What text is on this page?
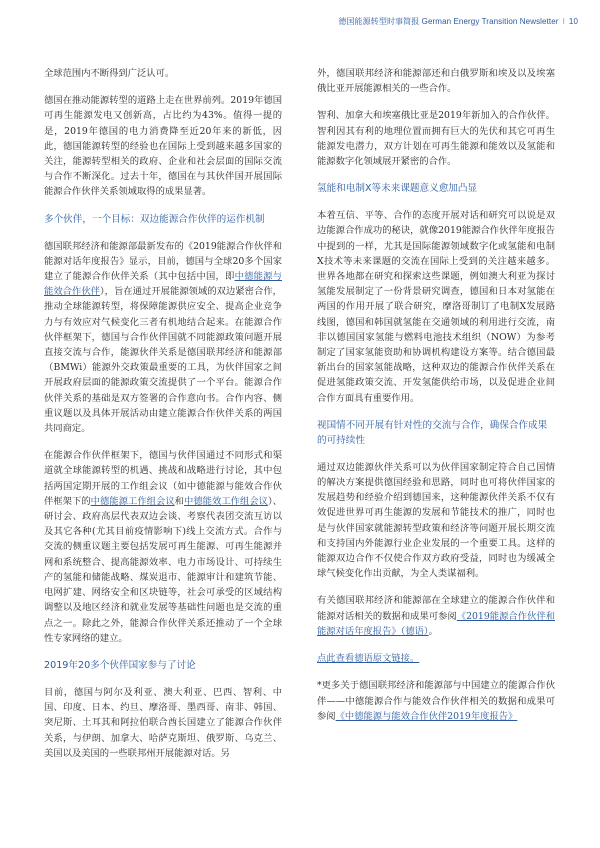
德国能源转型时事简报 German Energy Transition Newsletter I 10

全球范围内不断得到广泛认可。

德国在推动能源转型的道路上走在世界前列。2019年德国可再生能源发电又创新高，占比约为43%。值得一提的是，2019年德国的电力消费降至近20年来的新低，因此，德国能源转型的经验也在国际上受到越来越多国家的关注，能源转型相关的政府、企业和社会层面的国际交流与合作不断深化。过去十年，德国在与其伙伴国开展国际能源合作伙伴关系领域取得的成果显著。

多个伙伴，一个目标：双边能源合作伙伴的运作机制

德国联邦经济和能源部最新发布的《2019能源合作伙伴和能源对话年度报告》显示，目前，德国与全球20多个国家建立了能源合作伙伴关系（其中包括中国，即中德能源与能效合作伙伴），旨在通过开展能源领域的双边紧密合作，推动全球能源转型，将保障能源供应安全、提高企业竞争力与有效应对气候变化三者有机地结合起来。在能源合作伙伴框架下，德国与合作伙伴国就不同能源政策问题开展直接交流与合作，能源伙伴关系是德国联邦经济和能源部（BMWi）能源外交政策最重要的工具，为伙伴国家之间开展政府层面的能源政策交流提供了一个平台。能源合作伙伴关系的基础是双方签署的合作意向书。合作内容、侧重议题以及具体开展活动由建立能源合作伙伴关系的两国共同商定。

在能源合作伙伴框架下，德国与伙伴国通过不同形式和渠道就全球能源转型的机遇、挑战和战略进行讨论，其中包括两国定期开展的工作组会议（如中德能源与能效合作伙伴框架下的中德能源工作组会议和中德能效工作组会议）、研讨会、政府高层代表双边会谈、考察代表团交流互访以及其它各种(尤其目前疫情影响下)线上交流方式。合作与交流的侧重议题主要包括发展可再生能源、可再生能源并网和系统整合、提高能源效率、电力市场设计、可持续生产的氢能和储能战略、煤炭退市、能源审计和建筑节能、电网扩建、网络安全和区块链等，社会可承受的区域结构调整以及地区经济和就业发展等基础性问题也是交流的重点之一。除此之外，能源合作伙伴关系还推动了一个全球性专家网络的建立。

2019年20多个伙伴国家参与了讨论

目前，德国与阿尔及利亚、澳大利亚、巴西、智利、中国、印度、日本、约旦、摩洛哥、墨西哥、南非、韩国、突尼斯、土耳其和阿拉伯联合酋长国建立了能源合作伙伴关系，与伊朗、加拿大、哈萨克斯坦、俄罗斯、乌克兰、美国以及美国的一些联邦州开展能源对话。另

外，德国联邦经济和能源部还和白俄罗斯和埃及以及埃塞俄比亚开展能源相关的一些合作。

智利、加拿大和埃塞俄比亚是2019年新加入的合作伙伴。智利因其有利的地理位置而拥有巨大的先伏和其它可再生能源发电潜力，双方计划在可再生能源和能效以及氢能和能源数字化领域展开紧密的合作。

氢能和电制X等未来课题意义愈加凸显

本着互信、平等、合作的态度开展对话和研究可以说是双边能源合作成功的秘诀，就像2019能源合作伙伴年度报告中提到的一样，尤其是国际能源领域数字化或氢能和电制X技术等未来课题的交流在国际上受到的关注越来越多。世界各地都在研究和探索这些课题，例如澳大利亚为探讨氢能发展制定了一份背景研究调查，德国和日本对氢能在两国的作用开展了联合研究，摩洛哥制订了电制X发展路线图，德国和韩国就氢能在交通领域的利用进行交流，南非以德国国家氢能与燃料电池技术组织（NOW）为参考制定了国家氢能资助和协调机构建设方案等。结合德国最新出台的国家氢能战略，这种双边的能源合作伙伴关系在促进氢能政策交流、开发氢能供给市场，以及促进企业间合作方面具有重要作用。

视国情不同开展有针对性的交流与合作，确保合作成果的可持续性

通过双边能源伙伴关系可以为伙伴国家制定符合自己国情的解决方案提供德国经验和思路，同时也可将伙伴国家的发展趋势和经验介绍到德国来，这种能源伙伴关系不仅有效促进世界可再生能源的发展和节能技术的推广，同时也是与伙伴国家就能源转型政策和经济等问题开展长期交流和支持国内外能源行业企业发展的一个重要工具。这样的能源双边合作不仅使合作双方政府受益，同时也为缓减全球气候变化作出贡献，为全人类谋福利。

有关德国联邦经济和能源部在全球建立的能源合作伙伴和能源对话相关的数据和成果可参阅《2019能源合作伙伴和能源对话年度报告》（德语）。

点此查看德语原文链接。

*更多关于德国联邦经济和能源部与中国建立的能源合作伙伴——中德能源合作与能效合作伙伴相关的数据和成果可参阅《中德能源与能效合作伙伴2019年度报告》
